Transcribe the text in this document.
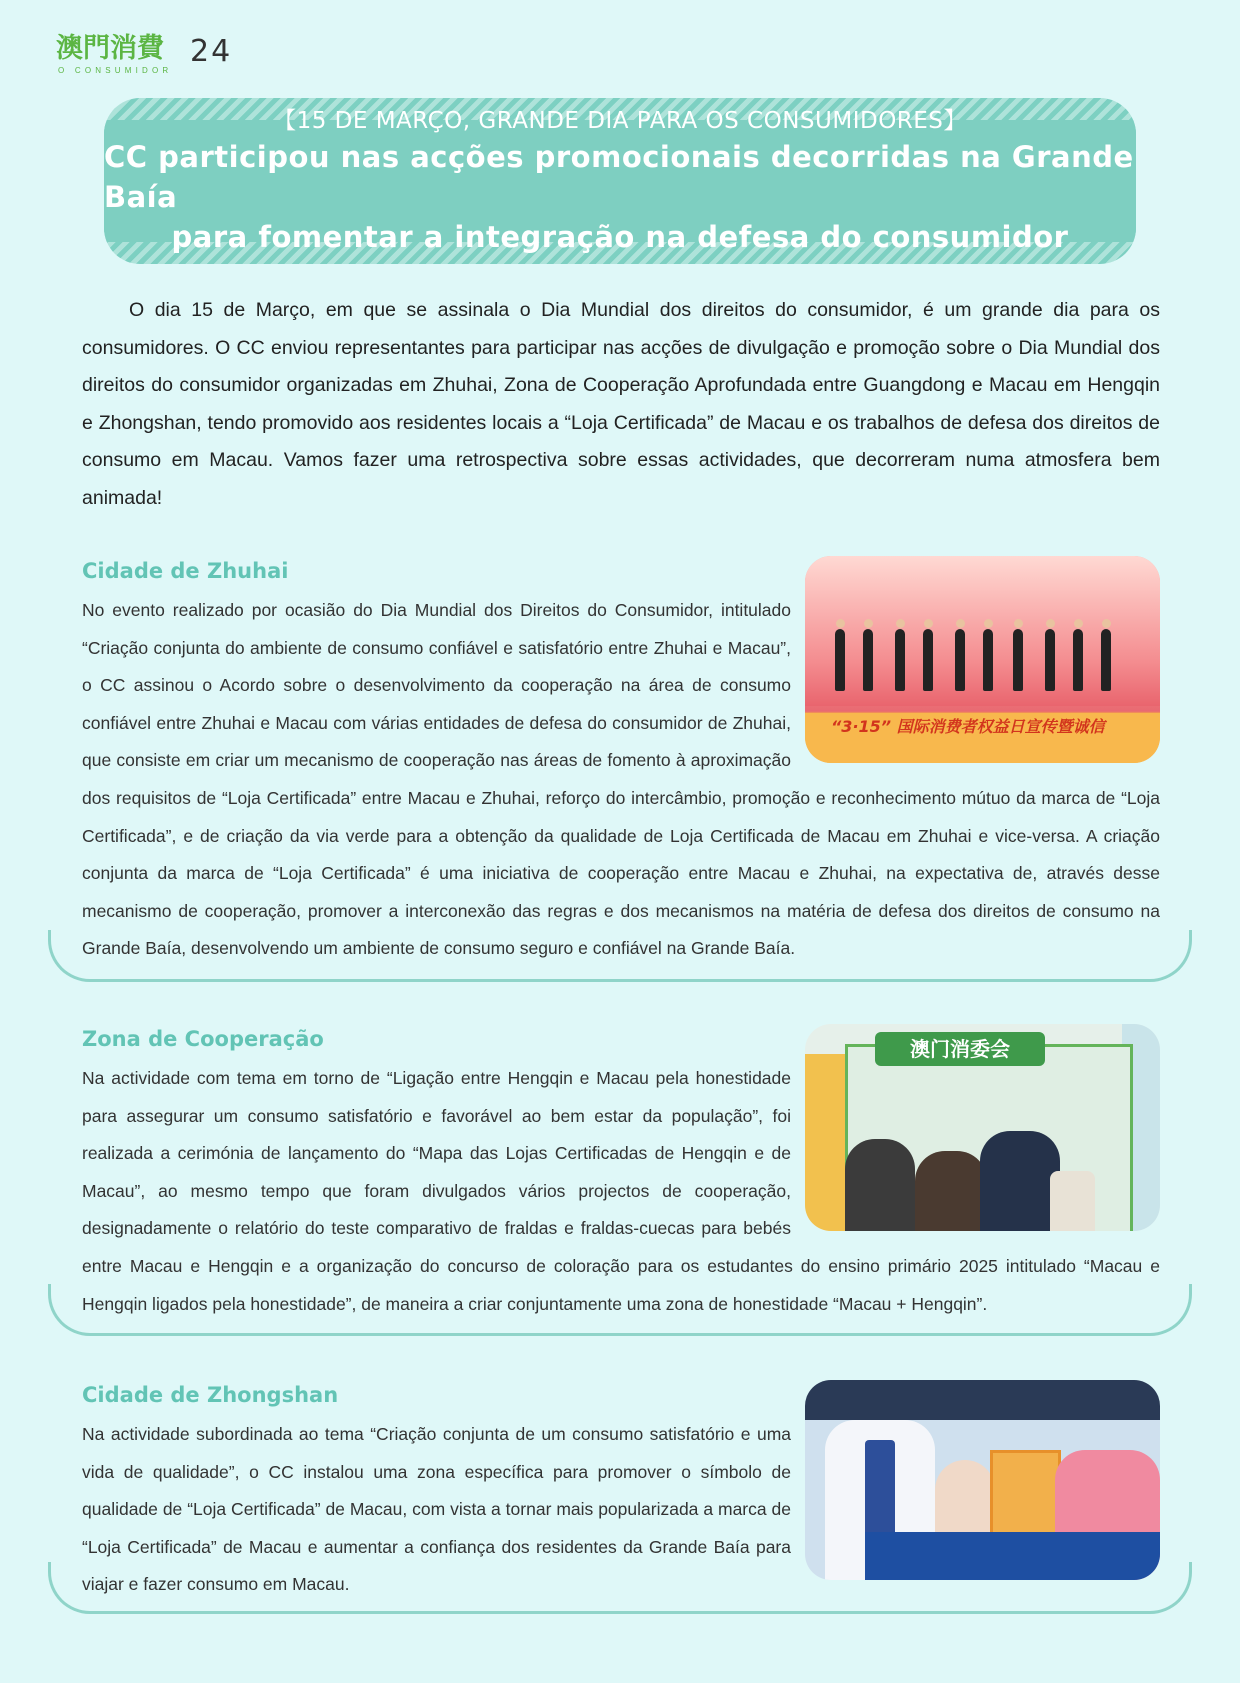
澳門消費
O CONSUMIDOR
24
【15 DE MARÇO, GRANDE DIA PARA OS CONSUMIDORES】
CC participou nas acções promocionais decorridas na Grande Baía
para fomentar a integração na defesa do consumidor
O dia 15 de Março, em que se assinala o Dia Mundial dos direitos do consumidor, é um grande dia para os consumidores. O CC enviou representantes para participar nas acções de divulgação e promoção sobre o Dia Mundial dos direitos do consumidor organizadas em Zhuhai, Zona de Cooperação Aprofundada entre Guangdong e Macau em Hengqin e Zhongshan, tendo promovido aos residentes locais a “Loja Certificada” de Macau e os trabalhos de defesa dos direitos de consumo em Macau. Vamos fazer uma retrospectiva sobre essas actividades, que decorreram numa atmosfera bem animada!
Cidade de Zhuhai
“3·15” 国际消费者权益日宣传暨诚信
No evento realizado por ocasião do Dia Mundial dos Direitos do Consumidor, intitulado “Criação conjunta do ambiente de consumo confiável e satisfatório entre Zhuhai e Macau”, o CC assinou o Acordo sobre o desenvolvimento da cooperação na área de consumo confiável entre Zhuhai e Macau com várias entidades de defesa do consumidor de Zhuhai, que consiste em criar um mecanismo de cooperação nas áreas de fomento à aproximação dos requisitos de “Loja Certificada” entre Macau e Zhuhai, reforço do intercâmbio, promoção e reconhecimento mútuo da marca de “Loja Certificada”, e de criação da via verde para a obtenção da qualidade de Loja Certificada de Macau em Zhuhai e vice-versa. A criação conjunta da marca de “Loja Certificada” é uma iniciativa de cooperação entre Macau e Zhuhai, na expectativa de, através desse mecanismo de cooperação, promover a interconexão das regras e dos mecanismos na matéria de defesa dos direitos de consumo na Grande Baía, desenvolvendo um ambiente de consumo seguro e confiável na Grande Baía.
Zona de Cooperação	澳门消委会
Na actividade com tema em torno de “Ligação entre Hengqin e Macau pela honestidade para assegurar um consumo satisfatório e favorável ao bem estar da população”, foi realizada a cerimónia de lançamento do “Mapa das Lojas Certificadas de Hengqin e de Macau”, ao mesmo tempo que foram divulgados vários projectos de cooperação, designadamente o relatório do teste comparativo de fraldas e fraldas-cuecas para bebés entre Macau e Hengqin e a organização do concurso de coloração para os estudantes do ensino primário 2025 intitulado “Macau e Hengqin ligados pela honestidade”, de maneira a criar conjuntamente uma zona de honestidade “Macau + Hengqin”.
Cidade de Zhongshan
Na actividade subordinada ao tema “Criação conjunta de um consumo satisfatório e uma vida de qualidade”, o CC instalou uma zona específica para promover o símbolo de qualidade de “Loja Certificada” de Macau, com vista a tornar mais popularizada a marca de “Loja Certificada” de Macau e aumentar a confiança dos residentes da Grande Baía para viajar e fazer consumo em Macau.
